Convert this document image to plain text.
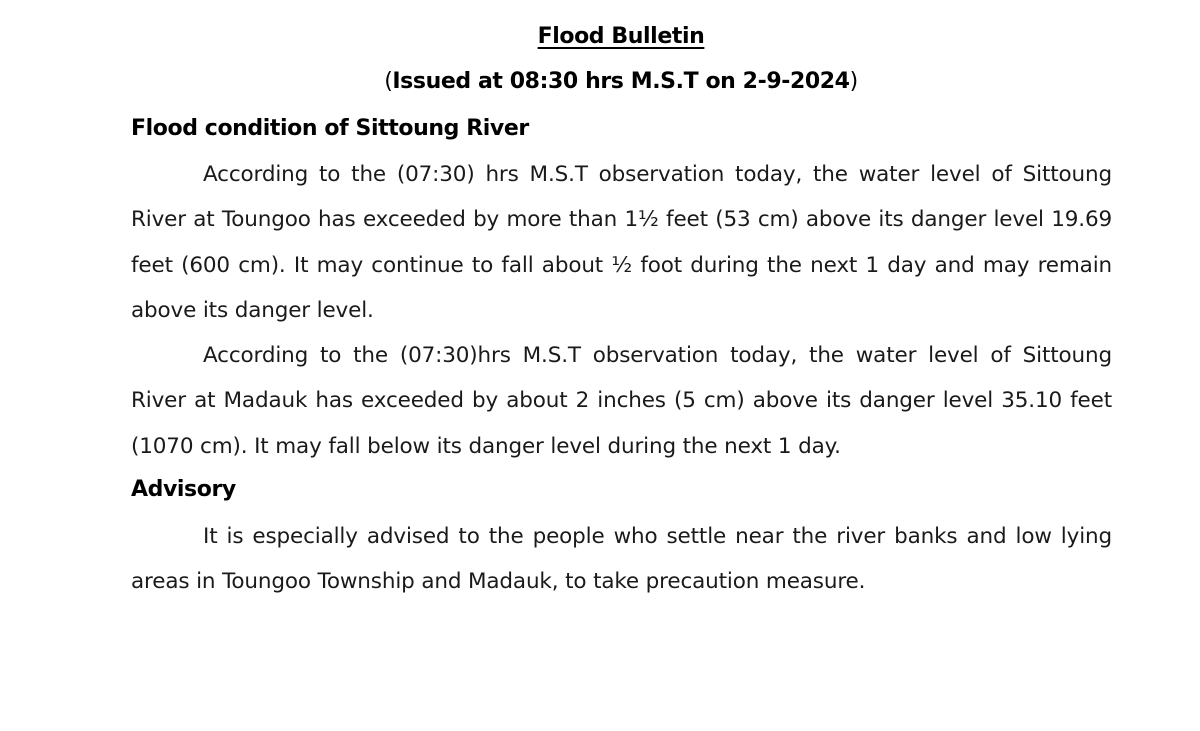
Flood Bulletin
(Issued at 08:30 hrs M.S.T on 2-9-2024)
Flood condition of Sittoung River
According to the (07:30) hrs M.S.T observation today, the water level of Sittoung River at Toungoo has exceeded by more than 1½ feet (53 cm) above its danger level 19.69 feet (600 cm). It may continue to fall about ½ foot during the next 1 day and may remain above its danger level.
According to the (07:30)hrs M.S.T observation today, the water level of Sittoung River at Madauk has exceeded by about 2 inches (5 cm) above its danger level 35.10 feet (1070 cm). It may fall below its danger level during the next 1 day.
Advisory
It is especially advised to the people who settle near the river banks and low lying areas in Toungoo Township and Madauk, to take precaution measure.
